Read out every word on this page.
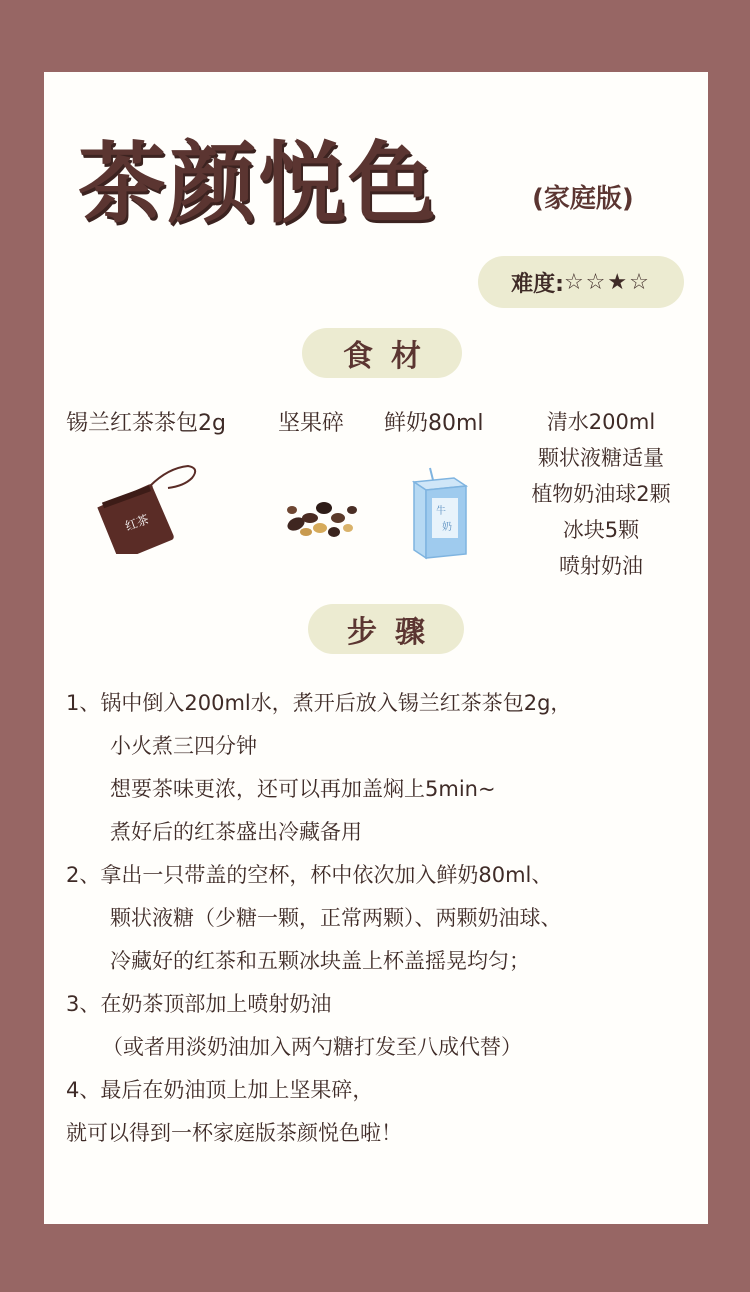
茶颜悦色	(家庭版)
难度: ☆☆★☆
食材
锡兰红茶茶包2g 坚果碎 鲜奶80ml	清水200ml
颗状液糖适量
植物奶油球2颗
冰块5颗
喷射奶油
红茶
牛
奶
步骤
1、锅中倒入200ml水，煮开后放入锡兰红茶茶包2g，
小火煮三四分钟
想要茶味更浓，还可以再加盖焖上5min~
煮好后的红茶盛出冷藏备用
2、拿出一只带盖的空杯，杯中依次加入鲜奶80ml、
颗状液糖（少糖一颗，正常两颗）、两颗奶油球、
冷藏好的红茶和五颗冰块盖上杯盖摇晃均匀；
3、在奶茶顶部加上喷射奶油
（或者用淡奶油加入两勺糖打发至八成代替）
4、最后在奶油顶上加上坚果碎，
就可以得到一杯家庭版茶颜悦色啦！
